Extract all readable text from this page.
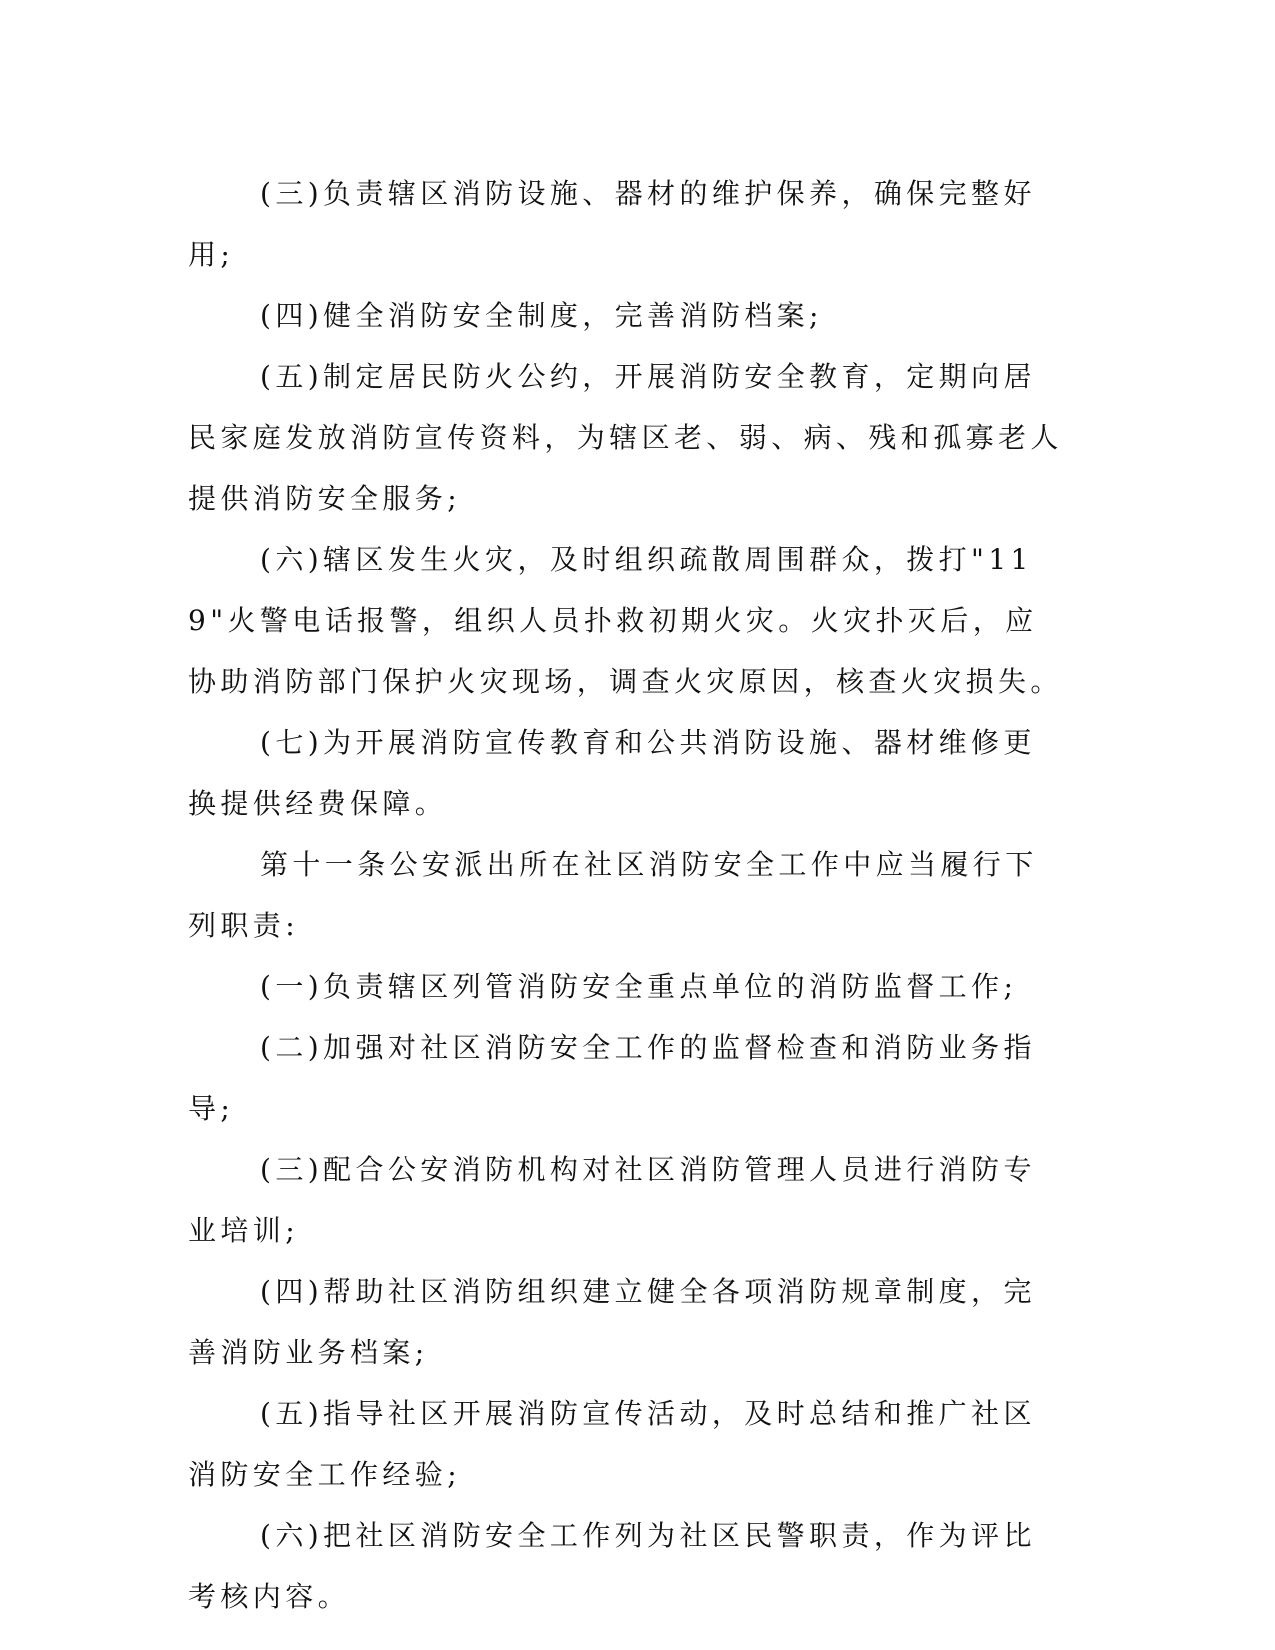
(三)负责辖区消防设施、器材的维护保养，确保完整好用;

(四)健全消防安全制度，完善消防档案;

(五)制定居民防火公约，开展消防安全教育，定期向居民家庭发放消防宣传资料，为辖区老、弱、病、残和孤寡老人提供消防安全服务;

(六)辖区发生火灾，及时组织疏散周围群众，拨打"119"火警电话报警，组织人员扑救初期火灾。火灾扑灭后，应协助消防部门保护火灾现场，调查火灾原因，核查火灾损失。

(七)为开展消防宣传教育和公共消防设施、器材维修更换提供经费保障。

第十一条公安派出所在社区消防安全工作中应当履行下列职责:

(一)负责辖区列管消防安全重点单位的消防监督工作;

(二)加强对社区消防安全工作的监督检查和消防业务指导;

(三)配合公安消防机构对社区消防管理人员进行消防专业培训;

(四)帮助社区消防组织建立健全各项消防规章制度，完善消防业务档案;

(五)指导社区开展消防宣传活动，及时总结和推广社区消防安全工作经验;

(六)把社区消防安全工作列为社区民警职责，作为评比考核内容。
